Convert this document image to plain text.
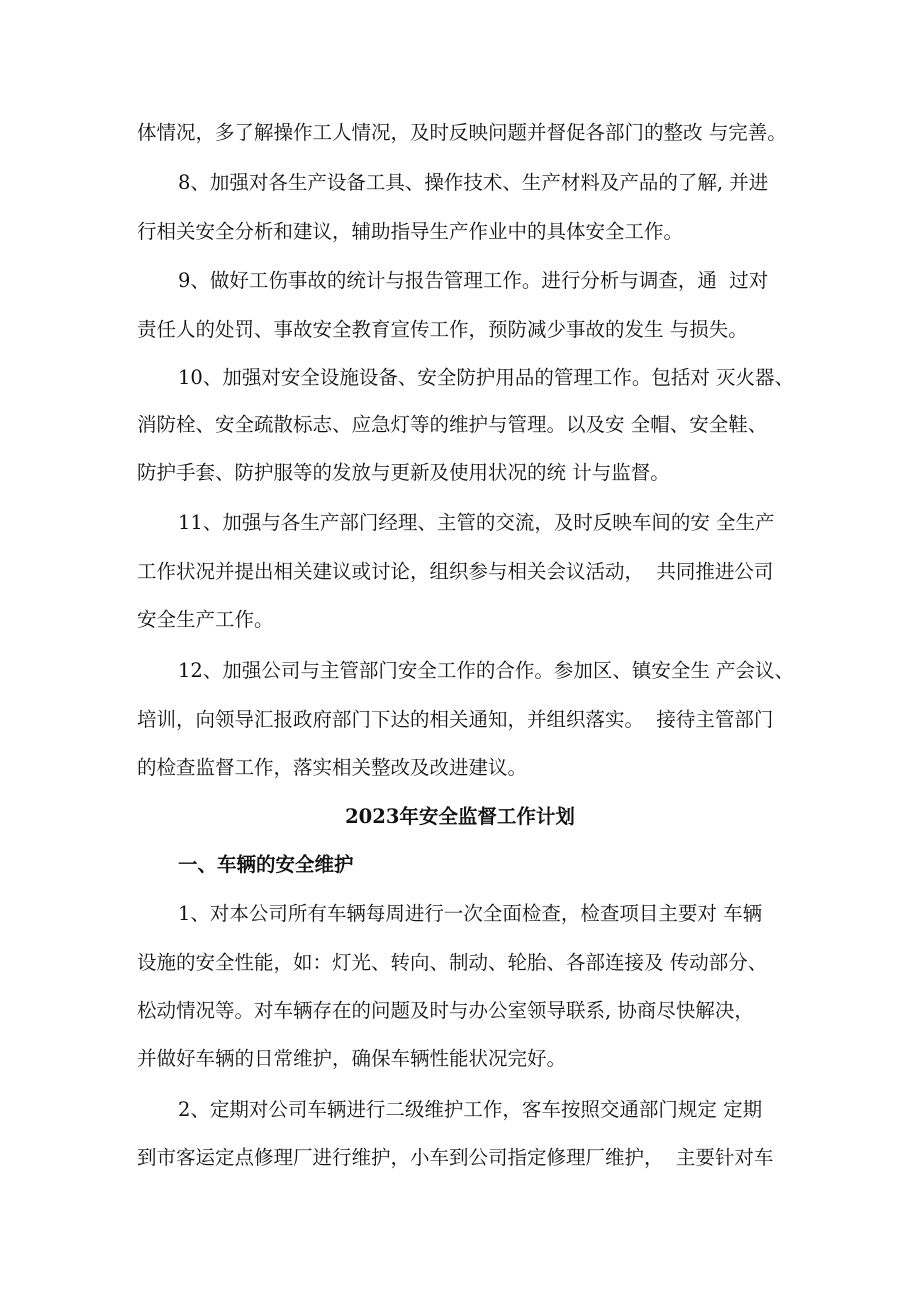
体情况，多了解操作工人情况，及时反映问题并督促各部门的整改 与完善。
8、加强对各生产设备工具、操作技术、生产材料及产品的了解, 并进
行相关安全分析和建议，辅助指导生产作业中的具体安全工作。
9、做好工伤事故的统计与报告管理工作。进行分析与调查，通  过对
责任人的处罚、事故安全教育宣传工作，预防减少事故的发生 与损失。
10、加强对安全设施设备、安全防护用品的管理工作。包括对 灭火器、
消防栓、安全疏散标志、应急灯等的维护与管理。以及安 全帽、安全鞋、
防护手套、防护服等的发放与更新及使用状况的统 计与监督。
11、加强与各生产部门经理、主管的交流，及时反映车间的安 全生产
工作状况并提出相关建议或讨论，组织参与相关会议活动，  共同推进公司
安全生产工作。
12、加强公司与主管部门安全工作的合作。参加区、镇安全生 产会议、
培训，向领导汇报政府部门下达的相关通知，并组织落实。  接待主管部门
的检查监督工作，落实相关整改及改进建议。
2023年安全监督工作计划
一、车辆的安全维护
1、对本公司所有车辆每周进行一次全面检查，检查项目主要对 车辆
设施的安全性能，如：灯光、转向、制动、轮胎、各部连接及 传动部分、
松动情况等。对车辆存在的问题及时与办公室领导联系, 协商尽快解决，
并做好车辆的日常维护，确保车辆性能状况完好。
2、定期对公司车辆进行二级维护工作，客车按照交通部门规定 定期
到市客运定点修理厂进行维护，小车到公司指定修理厂维护，  主要针对车
